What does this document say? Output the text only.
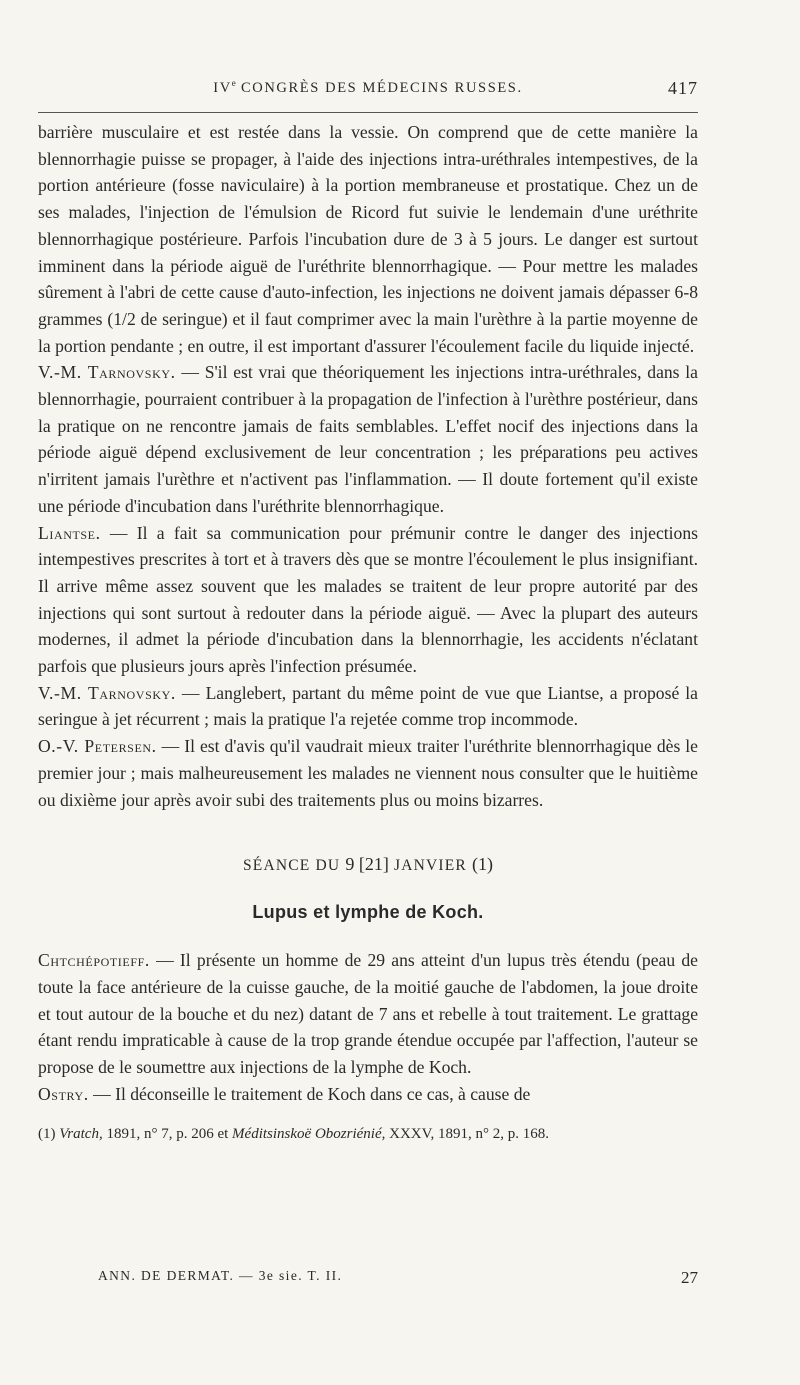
IVe CONGRÈS DES MÉDECINS RUSSES.	417

barrière musculaire et est restée dans la vessie. On comprend que de cette manière la blennorrhagie puisse se propager, à l'aide des injections intra-uréthrales intempestives, de la portion antérieure (fosse naviculaire) à la portion membraneuse et prostatique. Chez un de ses malades, l'injection de l'émulsion de Ricord fut suivie le lendemain d'une uréthrite blennorrhagique postérieure. Parfois l'incubation dure de 3 à 5 jours. Le danger est surtout imminent dans la période aiguë de l'uréthrite blennorrhagique. — Pour mettre les malades sûrement à l'abri de cette cause d'auto-infection, les injections ne doivent jamais dépasser 6-8 grammes (1/2 de seringue) et il faut comprimer avec la main l'urèthre à la partie moyenne de la portion pendante ; en outre, il est important d'assurer l'écoulement facile du liquide injecté.

V.-M. Tarnovsky. — S'il est vrai que théoriquement les injections intra-uréthrales, dans la blennorrhagie, pourraient contribuer à la propagation de l'infection à l'urèthre postérieur, dans la pratique on ne rencontre jamais de faits semblables. L'effet nocif des injections dans la période aiguë dépend exclusivement de leur concentration ; les préparations peu actives n'irritent jamais l'urèthre et n'activent pas l'inflammation. — Il doute fortement qu'il existe une période d'incubation dans l'uréthrite blennorrhagique.

Liantse. — Il a fait sa communication pour prémunir contre le danger des injections intempestives prescrites à tort et à travers dès que se montre l'écoulement le plus insignifiant. Il arrive même assez souvent que les malades se traitent de leur propre autorité par des injections qui sont surtout à redouter dans la période aiguë. — Avec la plupart des auteurs modernes, il admet la période d'incubation dans la blennorrhagie, les accidents n'éclatant parfois que plusieurs jours après l'infection présumée.

V.-M. Tarnovsky. — Langlebert, partant du même point de vue que Liantse, a proposé la seringue à jet récurrent ; mais la pratique l'a rejetée comme trop incommode.

O.-V. Petersen. — Il est d'avis qu'il vaudrait mieux traiter l'uréthrite blennorrhagique dès le premier jour ; mais malheureusement les malades ne viennent nous consulter que le huitième ou dixième jour après avoir subi des traitements plus ou moins bizarres.

SÉANCE DU 9 [21] JANVIER (1)
Lupus et lymphe de Koch.

Chtchépotieff. — Il présente un homme de 29 ans atteint d'un lupus très étendu (peau de toute la face antérieure de la cuisse gauche, de la moitié gauche de l'abdomen, la joue droite et tout autour de la bouche et du nez) datant de 7 ans et rebelle à tout traitement. Le grattage étant rendu impraticable à cause de la trop grande étendue occupée par l'affection, l'auteur se propose de le soumettre aux injections de la lymphe de Koch.

Ostry. — Il déconseille le traitement de Koch dans ce cas, à cause de

(1) Vratch, 1891, n° 7, p. 206 et Méditsinskoë Obozriénié, XXXV, 1891, n° 2, p. 168.
ANN. DE DERMAT. — 3e sie. T. II.	27
